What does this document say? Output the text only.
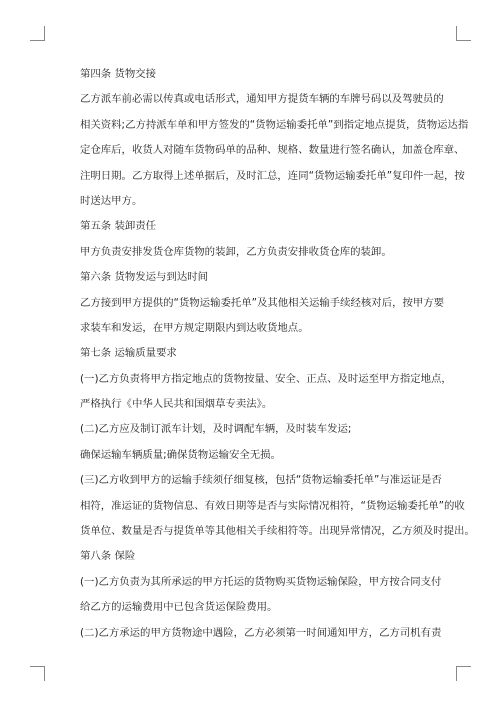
第四条 货物交接
乙方派车前必需以传真或电话形式，通知甲方提货车辆的车牌号码以及驾驶员的
相关资料;乙方持派车单和甲方签发的“货物运输委托单”到指定地点提货，货物运达指
定仓库后，收货人对随车货物码单的品种、规格、数量进行签名确认，加盖仓库章、
注明日期。乙方取得上述单据后，及时汇总，连同“货物运输委托单”复印件一起，按
时送达甲方。
第五条 装卸责任
甲方负责安排发货仓库货物的装卸，乙方负责安排收货仓库的装卸。
第六条 货物发运与到达时间
乙方接到甲方提供的“货物运输委托单”及其他相关运输手续经核对后，按甲方要
求装车和发运，在甲方规定期限内到达收货地点。
第七条 运输质量要求
(一)乙方负责将甲方指定地点的货物按量、安全、正点、及时运至甲方指定地点，
严格执行《中华人民共和国烟草专卖法》。
(二)乙方应及制订派车计划，及时调配车辆，及时装车发运;
确保运输车辆质量;确保货物运输安全无损。
(三)乙方收到甲方的运输手续须仔细复核，包括“货物运输委托单”与准运证是否
相符，准运证的货物信息、有效日期等是否与实际情况相符，“货物运输委托单”的收
货单位、数量是否与提货单等其他相关手续相符等。出现异常情况，乙方须及时提出。
第八条 保险
(一)乙方负责为其所承运的甲方托运的货物购买货物运输保险，甲方按合同支付
给乙方的运输费用中已包含货运保险费用。
(二)乙方承运的甲方货物途中遇险，乙方必须第一时间通知甲方，乙方司机有责
